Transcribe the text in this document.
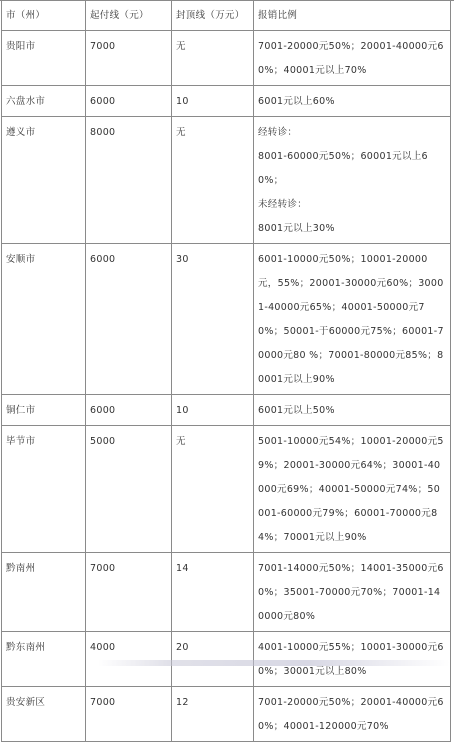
市（州）	起付线（元）	封顶线（万元）	报销比例
贵阳市	7000	无	7001-20000元50%；20001-40000元60%；40001元以上70%

六盘水市	6000	10	6001元以上60%

遵义市	8000	无	经转诊：
8001-60000元50%；60001元以上60%；
未经转诊：
8001元以上30%

安顺市	6000	30	6001-10000元50%；10001-20000元，55%；20001-30000元60%；30001-40000元65%；40001-50000元70%；50001-于60000元75%；60001-70000元80 %；70001-80000元85%；80001元以上90%

铜仁市	6000	10	6001元以上50%

毕节市	5000	无	5001-10000元54%；10001-20000元59%；20001-30000元64%；30001-40000元69%；40001-50000元74%；50001-60000元79%；60001-70000元84%；70001元以上90%

黔南州	7000	14	7001-14000元50%；14001-35000元60%；35001-70000元70%；70001-140000元80%

黔东南州	4000	20	4001-10000元55%；10001-30000元60%；30001元以上80%

贵安新区	7000	12	7001-20000元50%；20001-40000元60%；40001-120000元70%
